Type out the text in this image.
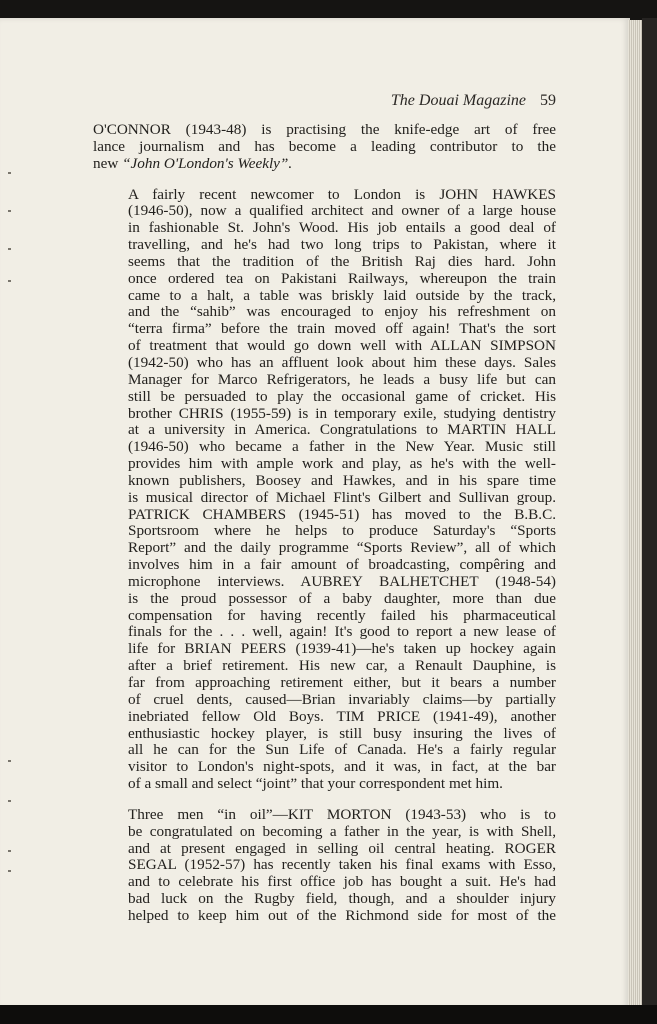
The Douai Magazine 59

O'CONNOR (1943-48) is practising the knife-edge art of free
lance journalism and has become a leading contributor to the
new “John O'London's Weekly”.

A fairly recent newcomer to London is JOHN HAWKES
(1946-50), now a qualified architect and owner of a large house
in fashionable St. John's Wood. His job entails a good deal of
travelling, and he's had two long trips to Pakistan, where it
seems that the tradition of the British Raj dies hard. John
once ordered tea on Pakistani Railways, whereupon the train
came to a halt, a table was briskly laid outside by the track,
and the “sahib” was encouraged to enjoy his refreshment on
“terra firma” before the train moved off again! That's the sort
of treatment that would go down well with ALLAN SIMPSON
(1942-50) who has an affluent look about him these days. Sales
Manager for Marco Refrigerators, he leads a busy life but can
still be persuaded to play the occasional game of cricket. His
brother CHRIS (1955-59) is in temporary exile, studying dentistry
at a university in America. Congratulations to MARTIN HALL
(1946-50) who became a father in the New Year. Music still
provides him with ample work and play, as he's with the well-
known publishers, Boosey and Hawkes, and in his spare time
is musical director of Michael Flint's Gilbert and Sullivan group.
PATRICK CHAMBERS (1945-51) has moved to the B.B.C.
Sportsroom where he helps to produce Saturday's “Sports
Report” and the daily programme “Sports Review”, all of which
involves him in a fair amount of broadcasting, compêring and
microphone interviews. AUBREY BALHETCHET (1948-54)
is the proud possessor of a baby daughter, more than due
compensation for having recently failed his pharmaceutical
finals for the . . . well, again! It's good to report a new lease of
life for BRIAN PEERS (1939-41)—he's taken up hockey again
after a brief retirement. His new car, a Renault Dauphine, is
far from approaching retirement either, but it bears a number
of cruel dents, caused—Brian invariably claims—by partially
inebriated fellow Old Boys. TIM PRICE (1941-49), another
enthusiastic hockey player, is still busy insuring the lives of
all he can for the Sun Life of Canada. He's a fairly regular
visitor to London's night-spots, and it was, in fact, at the bar
of a small and select “joint” that your correspondent met him.

Three men “in oil”—KIT MORTON (1943-53) who is to
be congratulated on becoming a father in the year, is with Shell,
and at present engaged in selling oil central heating. ROGER
SEGAL (1952-57) has recently taken his final exams with Esso,
and to celebrate his first office job has bought a suit. He's had
bad luck on the Rugby field, though, and a shoulder injury
helped to keep him out of the Richmond side for most of the
